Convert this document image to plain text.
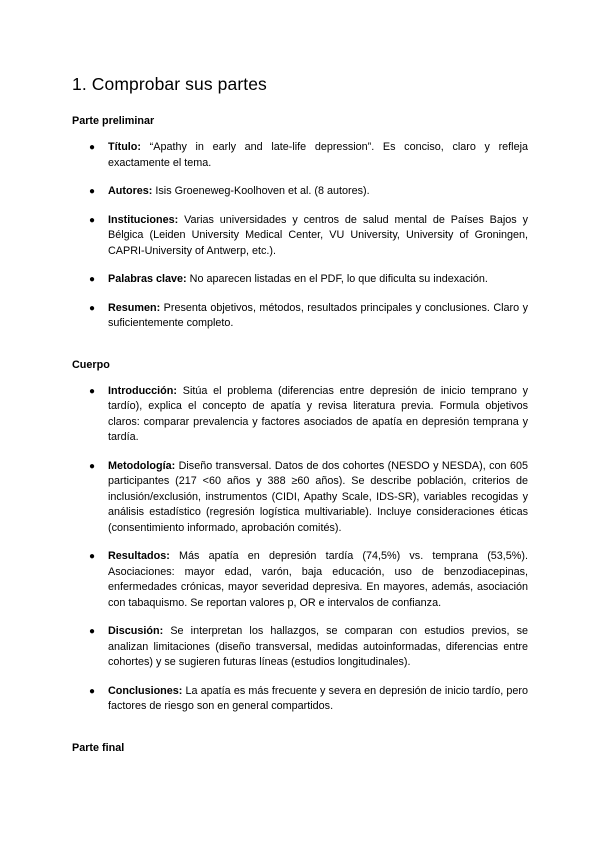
1. Comprobar sus partes
Parte preliminar
● Título: “Apathy in early and late-life depression”. Es conciso, claro y refleja exactamente el tema.
● Autores: Isis Groeneweg-Koolhoven et al. (8 autores).
● Instituciones: Varias universidades y centros de salud mental de Países Bajos y Bélgica (Leiden University Medical Center, VU University, University of Groningen, CAPRI-University of Antwerp, etc.).
● Palabras clave: No aparecen listadas en el PDF, lo que dificulta su indexación.
● Resumen: Presenta objetivos, métodos, resultados principales y conclusiones. Claro y suficientemente completo.
Cuerpo
● Introducción: Sitúa el problema (diferencias entre depresión de inicio temprano y tardío), explica el concepto de apatía y revisa literatura previa. Formula objetivos claros: comparar prevalencia y factores asociados de apatía en depresión temprana y tardía.
● Metodología: Diseño transversal. Datos de dos cohortes (NESDO y NESDA), con 605 participantes (217 <60 años y 388 ≥60 años). Se describe población, criterios de inclusión/exclusión, instrumentos (CIDI, Apathy Scale, IDS-SR), variables recogidas y análisis estadístico (regresión logística multivariable). Incluye consideraciones éticas (consentimiento informado, aprobación comités).
● Resultados: Más apatía en depresión tardía (74,5%) vs. temprana (53,5%). Asociaciones: mayor edad, varón, baja educación, uso de benzodiacepinas, enfermedades crónicas, mayor severidad depresiva. En mayores, además, asociación con tabaquismo. Se reportan valores p, OR e intervalos de confianza.
● Discusión: Se interpretan los hallazgos, se comparan con estudios previos, se analizan limitaciones (diseño transversal, medidas autoinformadas, diferencias entre cohortes) y se sugieren futuras líneas (estudios longitudinales).
● Conclusiones: La apatía es más frecuente y severa en depresión de inicio tardío, pero factores de riesgo son en general compartidos.
Parte final
